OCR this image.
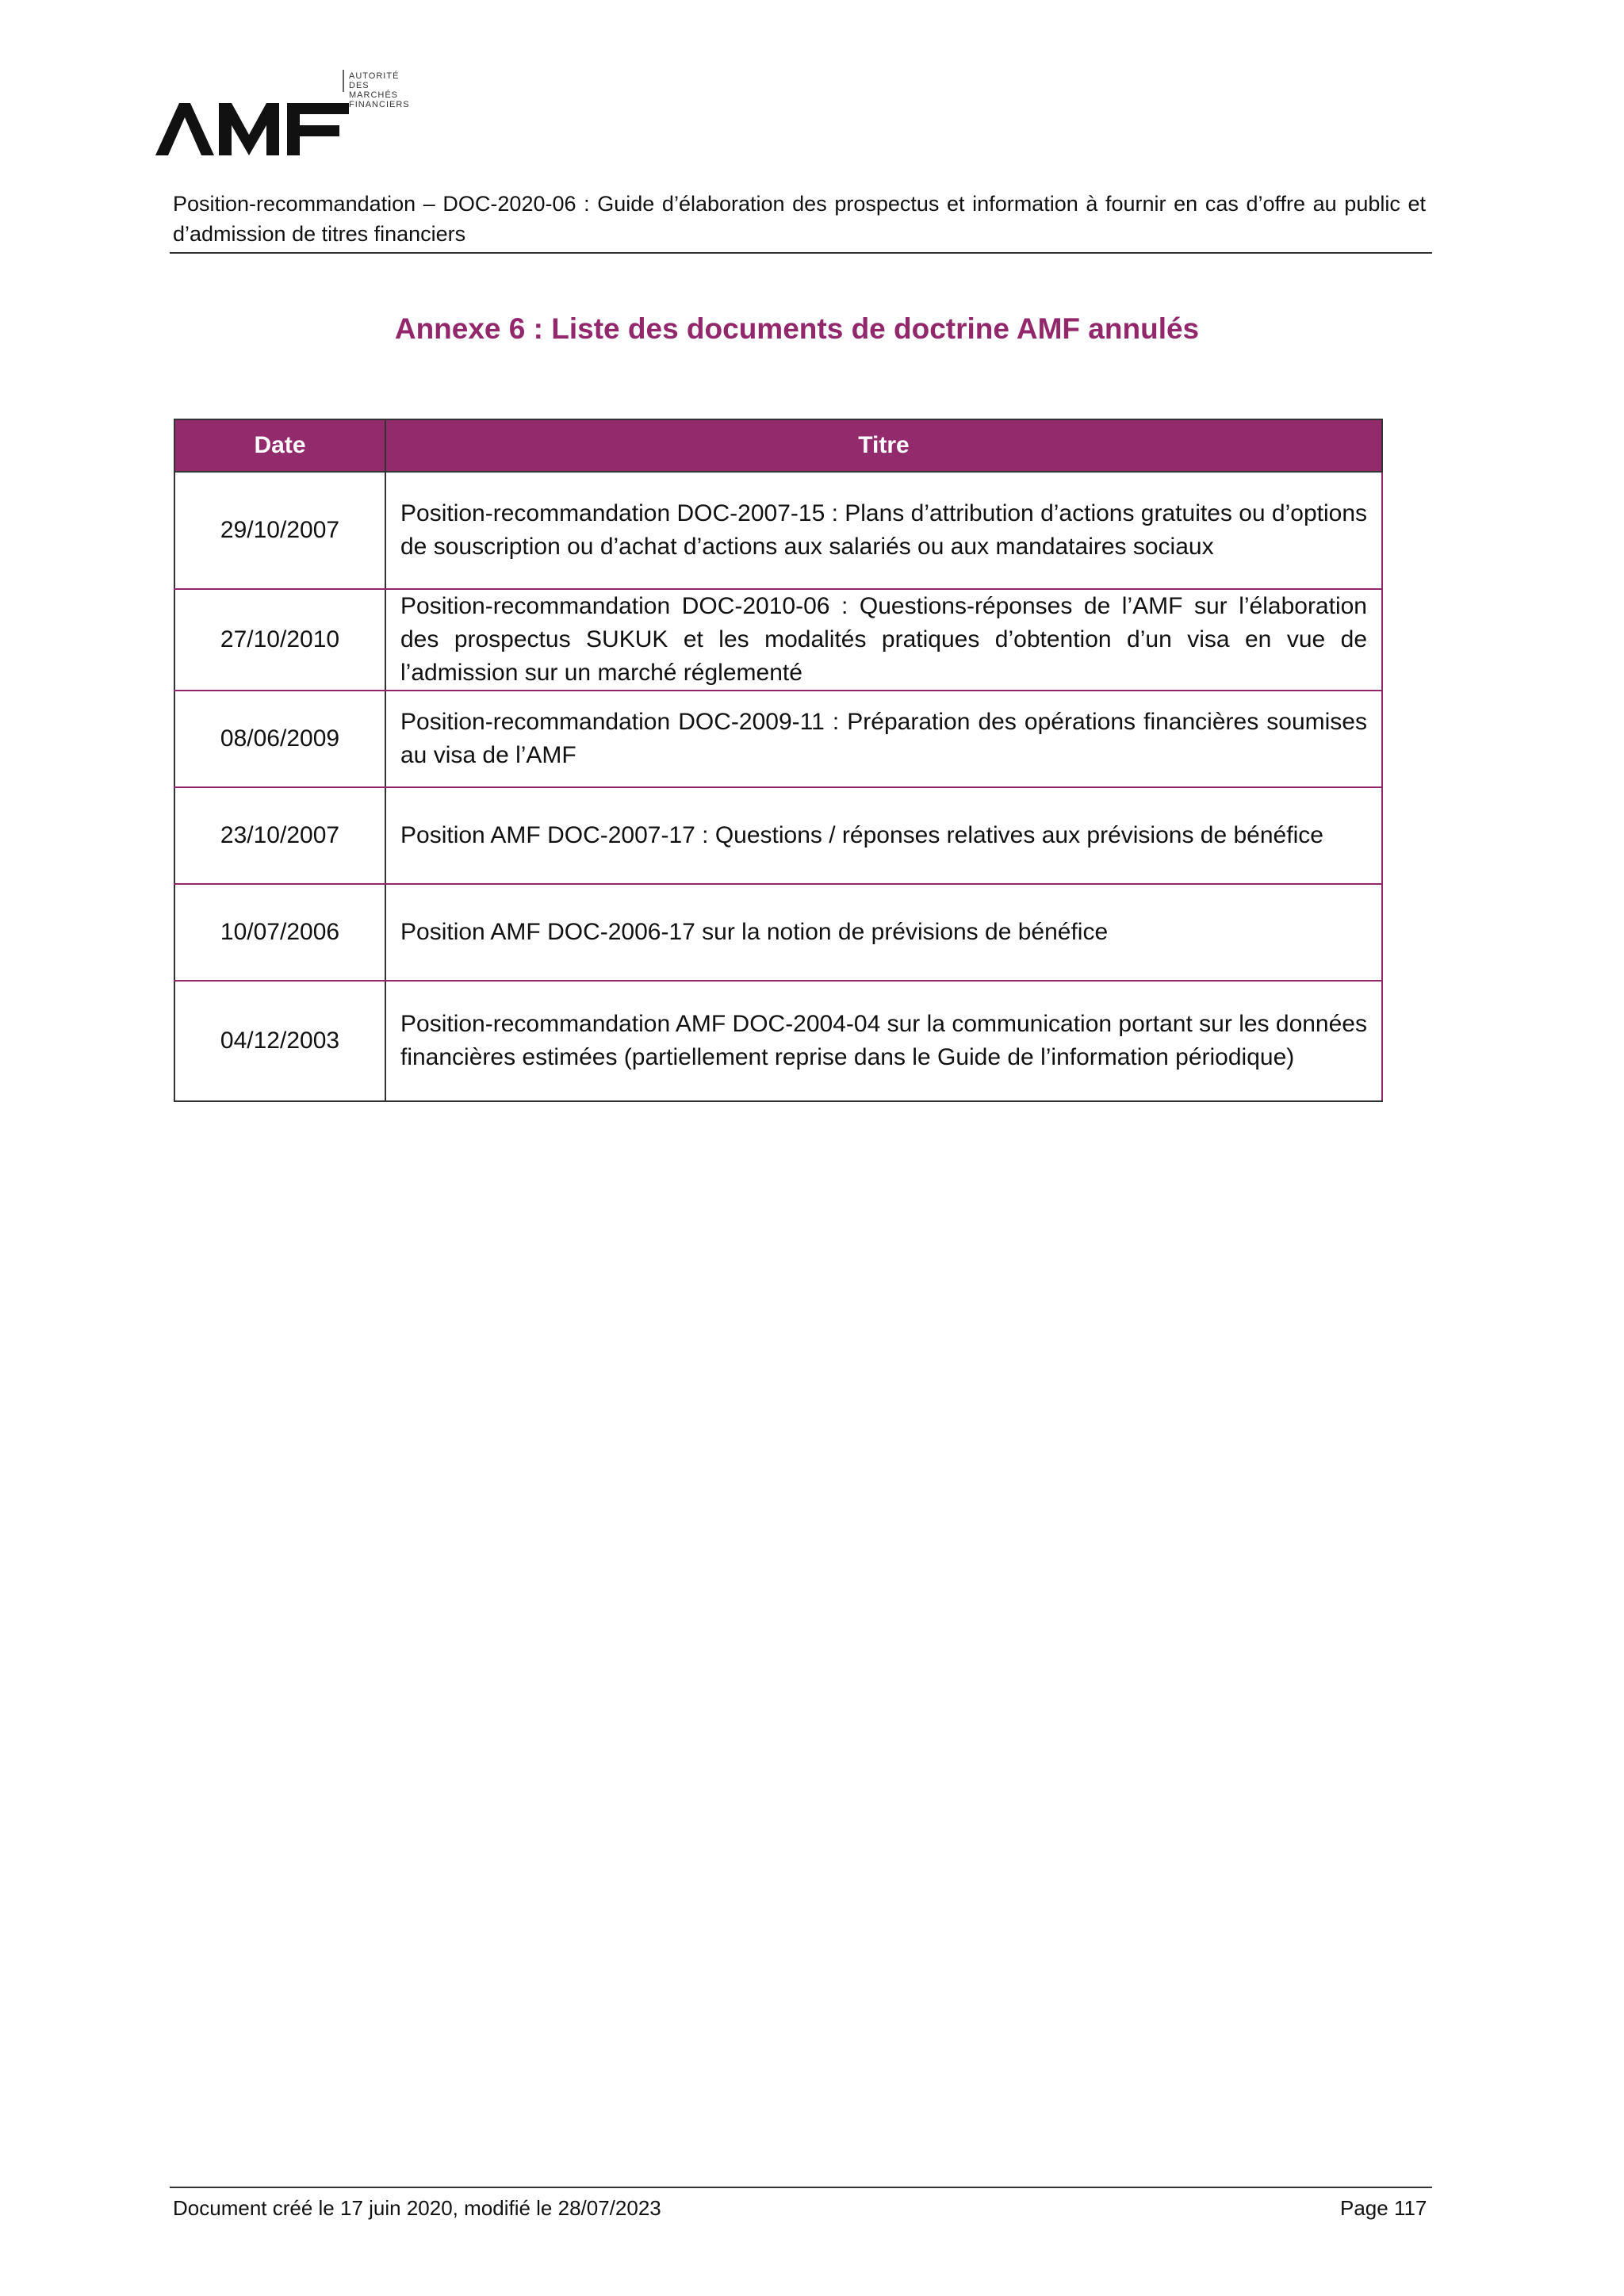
AUTORITÉ
DES MARCHÉS FINANCIERS
Position-recommandation – DOC-2020-06 : Guide d’élaboration des prospectus et information à fournir en cas d’offre au public et d’admission de titres financiers
Annexe 6 : Liste des documents de doctrine AMF annulés
Date	Titre
29/10/2007	Position-recommandation DOC-2007-15 : Plans d’attribution d’actions gratuites ou d’options de souscription ou d’achat d’actions aux salariés ou aux mandataires sociaux
27/10/2010	Position-recommandation DOC-2010-06 : Questions-réponses de l’AMF sur l’élaboration des prospectus SUKUK et les modalités pratiques d’obtention d’un visa en vue de l’admission sur un marché réglementé
08/06/2009	Position-recommandation DOC-2009-11 : Préparation des opérations financières soumises au visa de l’AMF
23/10/2007	Position AMF DOC-2007-17 : Questions / réponses relatives aux prévisions de bénéfice
10/07/2006	Position AMF DOC-2006-17 sur la notion de prévisions de bénéfice
04/12/2003	Position-recommandation AMF DOC-2004-04 sur la communication portant sur les données financières estimées (partiellement reprise dans le Guide de l’information périodique)
Document créé le 17 juin 2020, modifié le 28/07/2023	Page 117
